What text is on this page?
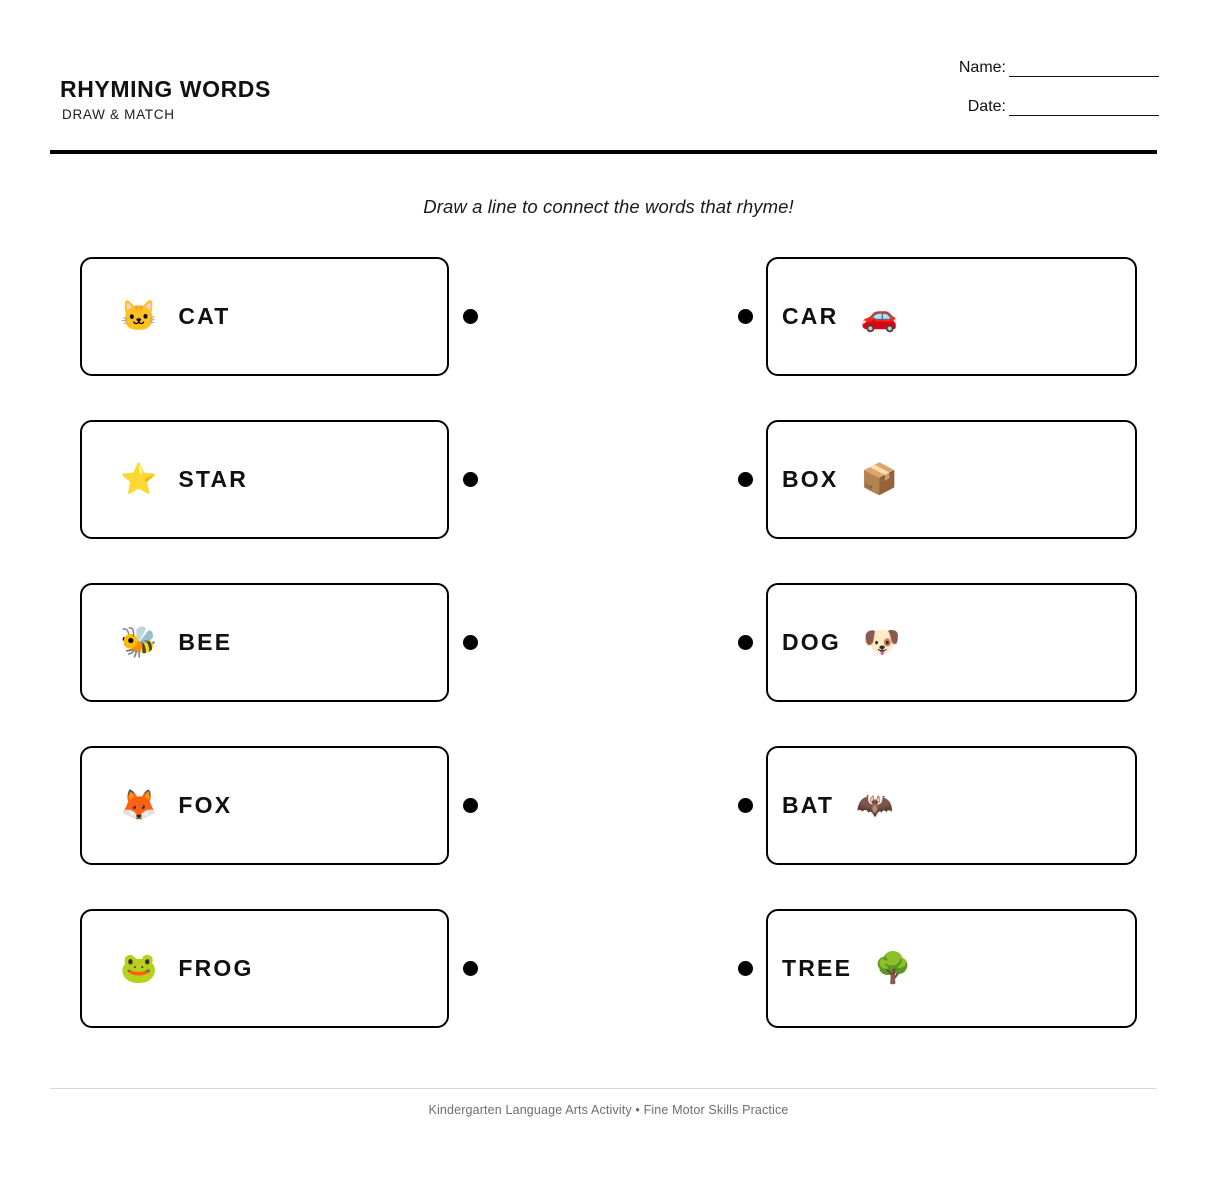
RHYMING WORDS
DRAW & MATCH
Name:
Date:
Draw a line to connect the words that rhyme!
🐱 CAT	CAR 🚗
⭐ STAR	BOX 📦
🐝 BEE	DOG 🐶
🦊 FOX	BAT 🦇
🐸 FROG	TREE 🌳
Kindergarten Language Arts Activity • Fine Motor Skills Practice
